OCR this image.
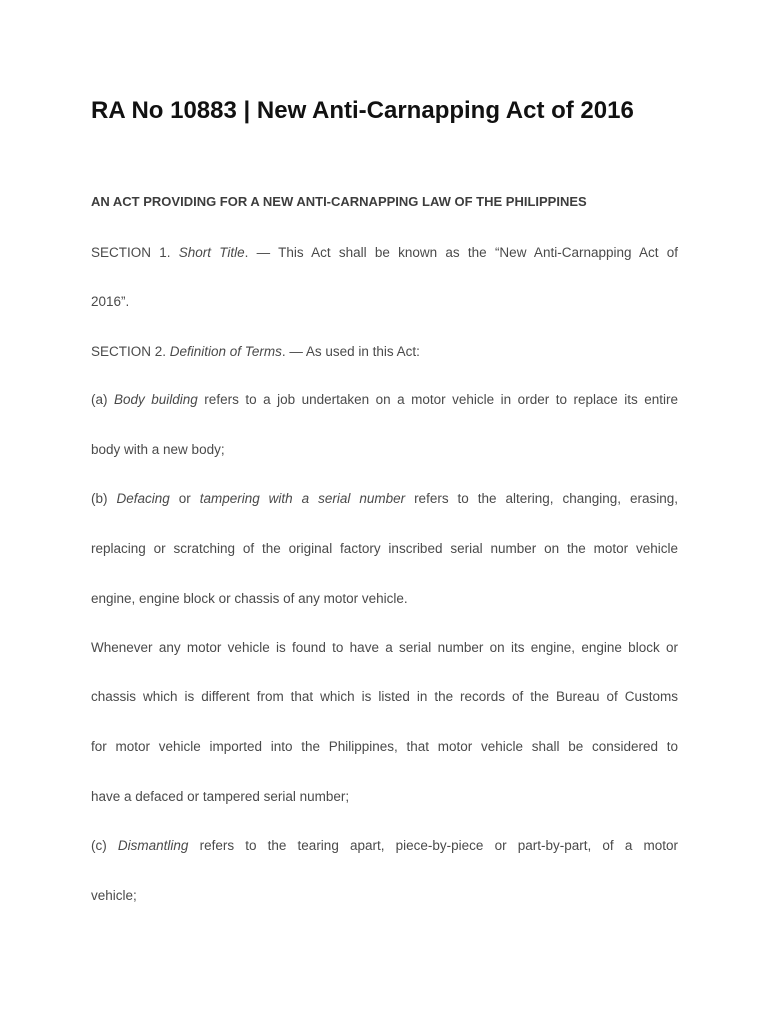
RA No 10883 | New Anti-Carnapping Act of 2016
AN ACT PROVIDING FOR A NEW ANTI-CARNAPPING LAW OF THE PHILIPPINES

SECTION 1. Short Title. — This Act shall be known as the “New Anti-Carnapping Act of

2016”.

SECTION 2. Definition of Terms. — As used in this Act:

(a) Body building refers to a job undertaken on a motor vehicle in order to replace its entire

body with a new body;

(b) Defacing or tampering with a serial number refers to the altering, changing, erasing,

replacing or scratching of the original factory inscribed serial number on the motor vehicle

engine, engine block or chassis of any motor vehicle.

Whenever any motor vehicle is found to have a serial number on its engine, engine block or

chassis which is different from that which is listed in the records of the Bureau of Customs

for motor vehicle imported into the Philippines, that motor vehicle shall be considered to

have a defaced or tampered serial number;

(c) Dismantling refers to the tearing apart, piece-by-piece or part-by-part, of a motor

vehicle;
